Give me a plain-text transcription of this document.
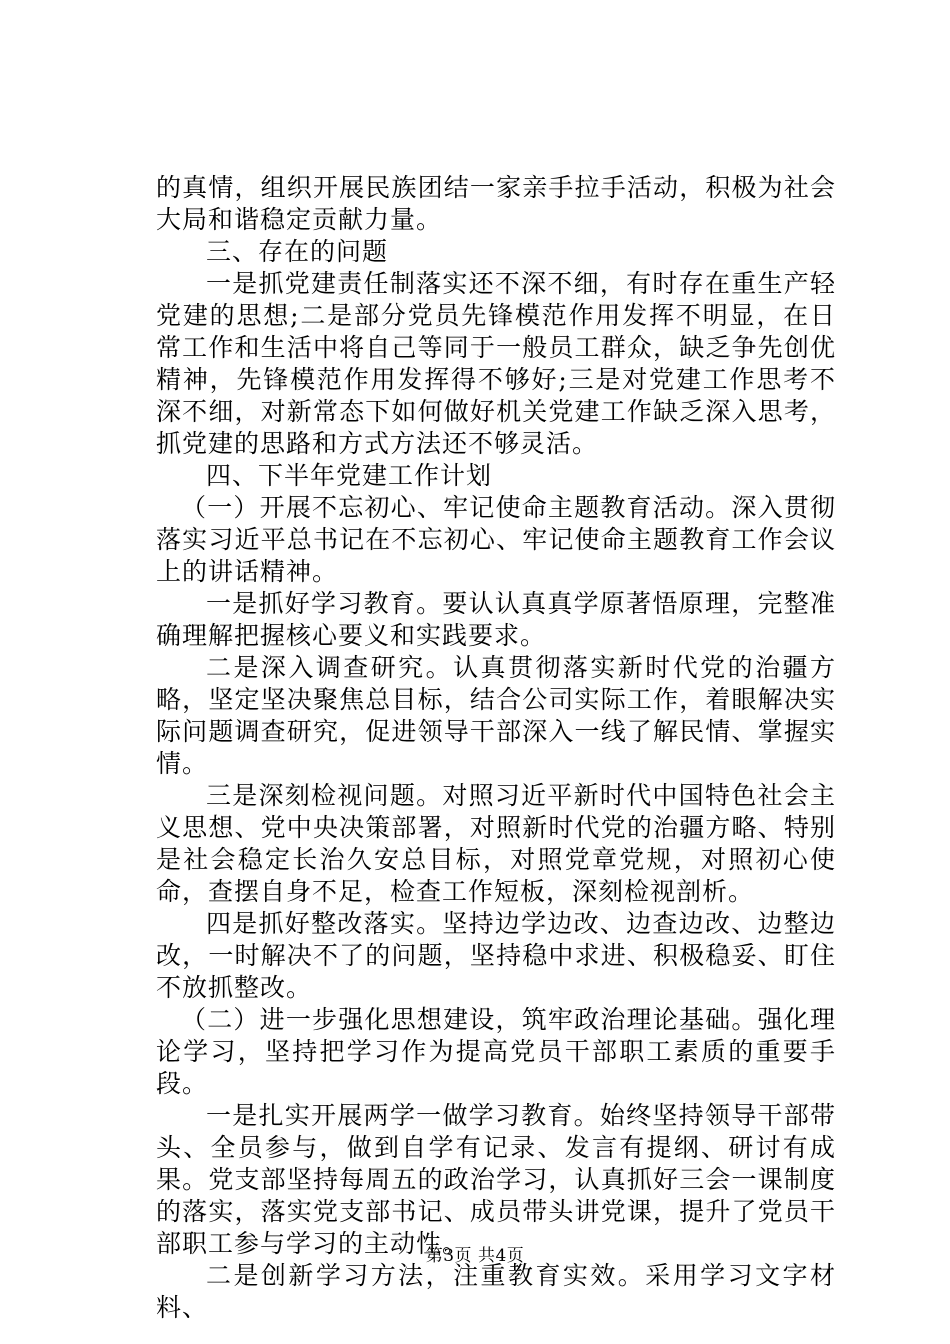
的真情，组织开展民族团结一家亲手拉手活动，积极为社会大局和谐稳定贡献力量。

三、存在的问题

一是抓党建责任制落实还不深不细，有时存在重生产轻党建的思想;二是部分党员先锋模范作用发挥不明显，在日常工作和生活中将自己等同于一般员工群众，缺乏争先创优精神，先锋模范作用发挥得不够好;三是对党建工作思考不深不细，对新常态下如何做好机关党建工作缺乏深入思考，抓党建的思路和方式方法还不够灵活。

四、下半年党建工作计划

（一）开展不忘初心、牢记使命主题教育活动。深入贯彻落实习近平总书记在不忘初心、牢记使命主题教育工作会议上的讲话精神。

一是抓好学习教育。要认认真真学原著悟原理，完整准确理解把握核心要义和实践要求。

二是深入调查研究。认真贯彻落实新时代党的治疆方略，坚定坚决聚焦总目标，结合公司实际工作，着眼解决实际问题调查研究，促进领导干部深入一线了解民情、掌握实情。

三是深刻检视问题。对照习近平新时代中国特色社会主义思想、党中央决策部署，对照新时代党的治疆方略、特别是社会稳定长治久安总目标，对照党章党规，对照初心使命，查摆自身不足，检查工作短板，深刻检视剖析。

四是抓好整改落实。坚持边学边改、边查边改、边整边改，一时解决不了的问题，坚持稳中求进、积极稳妥、盯住不放抓整改。

（二）进一步强化思想建设，筑牢政治理论基础。强化理论学习，坚持把学习作为提高党员干部职工素质的重要手段。

一是扎实开展两学一做学习教育。始终坚持领导干部带头、全员参与，做到自学有记录、发言有提纲、研讨有成果。党支部坚持每周五的政治学习，认真抓好三会一课制度的落实，落实党支部书记、成员带头讲党课，提升了党员干部职工参与学习的主动性。

二是创新学习方法，注重教育实效。采用学习文字材料、

第3页 共4页
